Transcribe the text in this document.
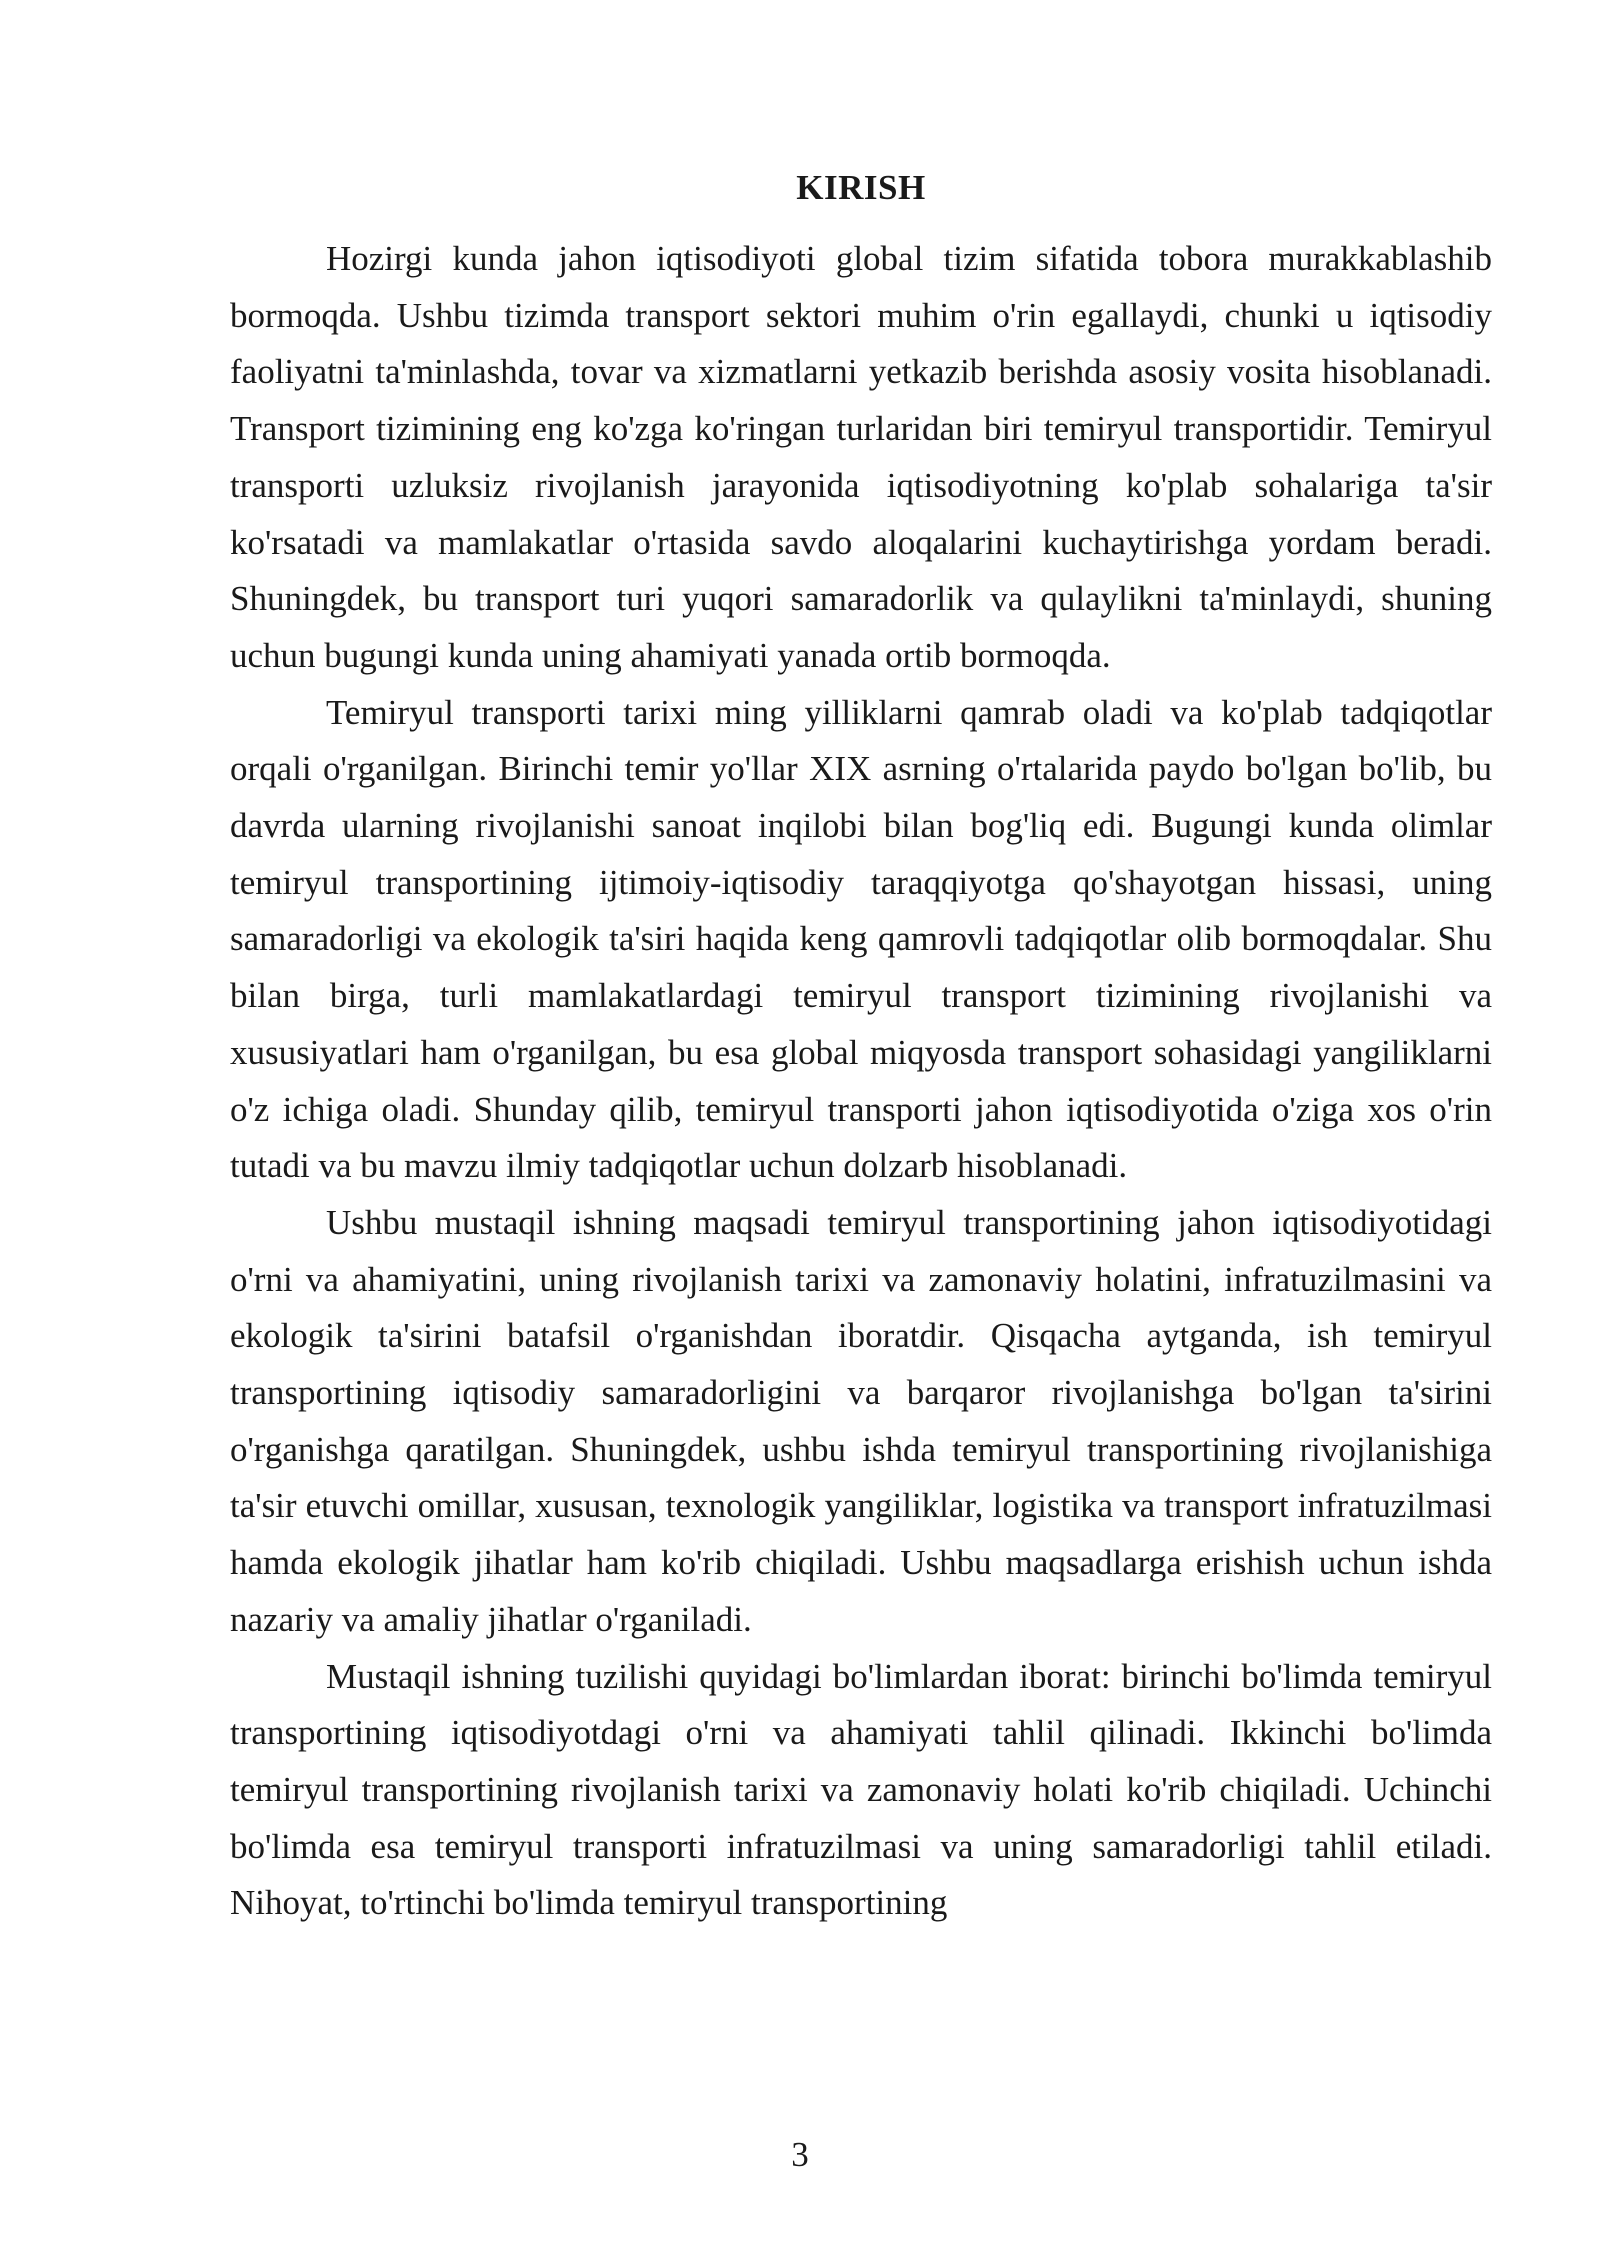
KIRISH

Hozirgi kunda jahon iqtisodiyoti global tizim sifatida tobora murakkablashib bormoqda. Ushbu tizimda transport sektori muhim o'rin egallaydi, chunki u iqtisodiy faoliyatni ta'minlashda, tovar va xizmatlarni yetkazib berishda asosiy vosita hisoblanadi. Transport tizimining eng ko'zga ko'ringan turlaridan biri temiryul transportidir. Temiryul transporti uzluksiz rivojlanish jarayonida iqtisodiyotning ko'plab sohalariga ta'sir ko'rsatadi va mamlakatlar o'rtasida savdo aloqalarini kuchaytirishga yordam beradi. Shuningdek, bu transport turi yuqori samaradorlik va qulaylikni ta'minlaydi, shuning uchun bugungi kunda uning ahamiyati yanada ortib bormoqda.

Temiryul transporti tarixi ming yilliklarni qamrab oladi va ko'plab tadqiqotlar orqali o'rganilgan. Birinchi temir yo'llar XIX asrning o'rtalarida paydo bo'lgan bo'lib, bu davrda ularning rivojlanishi sanoat inqilobi bilan bog'liq edi. Bugungi kunda olimlar temiryul transportining ijtimoiy-iqtisodiy taraqqiyotga qo'shayotgan hissasi, uning samaradorligi va ekologik ta'siri haqida keng qamrovli tadqiqotlar olib bormoqdalar. Shu bilan birga, turli mamlakatlardagi temiryul transport tizimining rivojlanishi va xususiyatlari ham o'rganilgan, bu esa global miqyosda transport sohasidagi yangiliklarni o'z ichiga oladi. Shunday qilib, temiryul transporti jahon iqtisodiyotida o'ziga xos o'rin tutadi va bu mavzu ilmiy tadqiqotlar uchun dolzarb hisoblanadi.

Ushbu mustaqil ishning maqsadi temiryul transportining jahon iqtisodiyotidagi o'rni va ahamiyatini, uning rivojlanish tarixi va zamonaviy holatini, infratuzilmasini va ekologik ta'sirini batafsil o'rganishdan iboratdir. Qisqacha aytganda, ish temiryul transportining iqtisodiy samaradorligini va barqaror rivojlanishga bo'lgan ta'sirini o'rganishga qaratilgan. Shuningdek, ushbu ishda temiryul transportining rivojlanishiga ta'sir etuvchi omillar, xususan, texnologik yangiliklar, logistika va transport infratuzilmasi hamda ekologik jihatlar ham ko'rib chiqiladi. Ushbu maqsadlarga erishish uchun ishda nazariy va amaliy jihatlar o'rganiladi.

Mustaqil ishning tuzilishi quyidagi bo'limlardan iborat: birinchi bo'limda temiryul transportining iqtisodiyotdagi o'rni va ahamiyati tahlil qilinadi. Ikkinchi bo'limda temiryul transportining rivojlanish tarixi va zamonaviy holati ko'rib chiqiladi. Uchinchi bo'limda esa temiryul transporti infratuzilmasi va uning samaradorligi tahlil etiladi. Nihoyat, to'rtinchi bo'limda temiryul transportining

3
